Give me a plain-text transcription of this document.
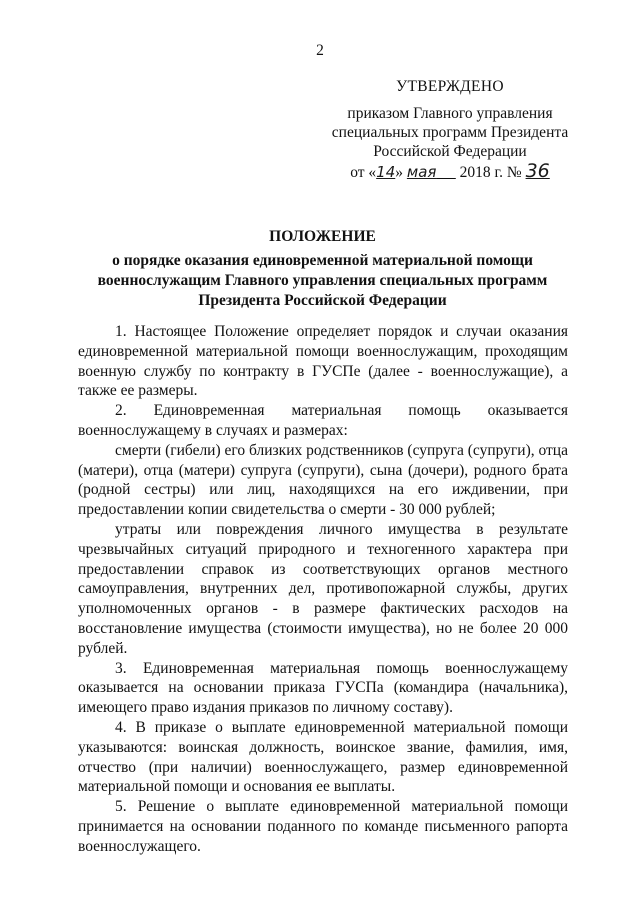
2
УТВЕРЖДЕНО
приказом Главного управления
специальных программ Президента
Российской Федерации
от «14» мая 2018 г. № 36
ПОЛОЖЕНИЕ
о порядке оказания единовременной материальной помощи военнослужащим Главного управления специальных программ Президента Российской Федерации

1. Настоящее Положение определяет порядок и случаи оказания единовременной материальной помощи военнослужащим, проходящим военную службу по контракту в ГУСПе (далее - военнослужащие), а также ее размеры.

2. Единовременная материальная помощь оказывается военнослужащему в случаях и размерах:

смерти (гибели) его близких родственников (супруга (супруги), отца (матери), отца (матери) супруга (супруги), сына (дочери), родного брата (родной сестры) или лиц, находящихся на его иждивении, при предоставлении копии свидетельства о смерти - 30 000 рублей;

утраты или повреждения личного имущества в результате чрезвычайных ситуаций природного и техногенного характера при предоставлении справок из соответствующих органов местного самоуправления, внутренних дел, противопожарной службы, других уполномоченных органов - в размере фактических расходов на восстановление имущества (стоимости имущества), но не более 20 000 рублей.

3. Единовременная материальная помощь военнослужащему оказывается на основании приказа ГУСПа (командира (начальника), имеющего право издания приказов по личному составу).

4. В приказе о выплате единовременной материальной помощи указываются: воинская должность, воинское звание, фамилия, имя, отчество (при наличии) военнослужащего, размер единовременной материальной помощи и основания ее выплаты.

5. Решение о выплате единовременной материальной помощи принимается на основании поданного по команде письменного рапорта военнослужащего.
